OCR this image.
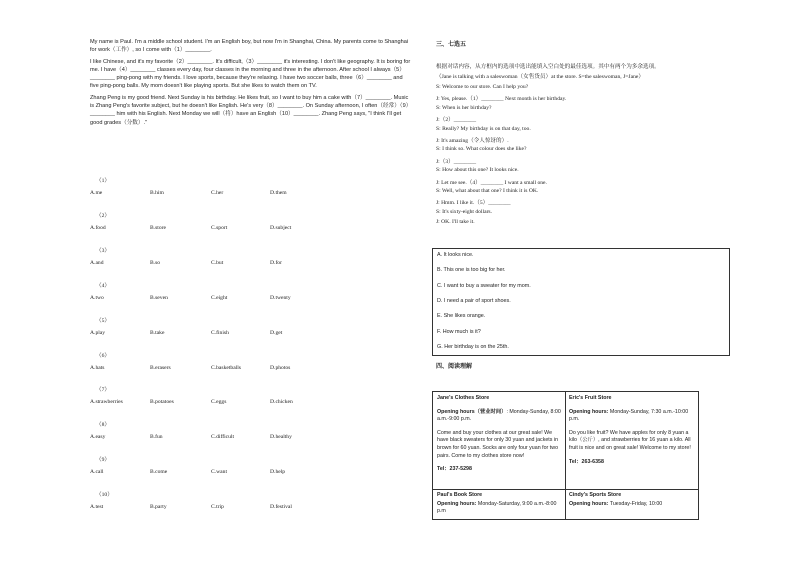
My name is Paul. I'm a middle school student. I'm an English boy, but now I'm in Shanghai, China. My parents come to Shanghai for work（工作）, so I come with（1）________.

I like Chinese, and it's my favorite（2）________. It's difficult,（3）________ it's interesting. I don't like geography. It is boring for me. I have（4）________ classes every day, four classes in the morning and three in the afternoon. After school I always（5）________ ping-pong with my friends. I love sports, because they're relaxing. I have two soccer balls, three（6）________ and five ping-pong balls. My mom doesn't like playing sports. But she likes to watch them on TV.

Zhang Peng is my good friend. Next Sunday is his birthday. He likes fruit, so I want to buy him a cake with（7）________. Music is Zhang Peng's favorite subject, but he doesn't like English. He's very（8）________. On Sunday afternoon, I often（经常）（9）________ him with his English. Next Monday we will（将）have an English（10）________. Zhang Peng says, "I think I'll get good grades（分数）."

（1）
A.me	B.him	C.her	D.them
（2）
A.food	B.store	C.sport	D.subject
（3）
A.and	B.so	C.but	D.for
（4）
A.two	B.seven	C.eight	D.twenty
（5）
A.play	B.take	C.finish	D.get
（6）
A.hats	B.erasers	C.basketballs	D.photos
（7）
A.strawberries	B.potatoes	C.eggs	D.chicken
（8）
A.easy	B.fun	C.difficult	D.healthy
（9）
A.call	B.come	C.want	D.help
（10）
A.test	B.party	C.trip	D.festival
三、七选五
根据对话内容，从方框内的选项中选出能填入空白处的最佳选项。其中有两个为多余选项。
（Jane is talking with a saleswoman（女售货员）at the store. S=the saleswoman, J=Jane）
S: Welcome to our store. Can I help you?
J: Yes, please.（1）________ Next month is her birthday.
S: When is her birthday?
J:（2）________
S: Really? My birthday is on that day, too.
J: It's amazing（令人惊讶的）.
S: I think so. What colour does she like?
J:（3）________
S: How about this one? It looks nice.
J: Let me see.（4）________ I want a small one.
S: Well, what about that one? I think it is OK.
J: Hmm. I like it.（5）________
S: It's sixty-eight dollars.
J: OK. I'll take it.
A. It looks nice.
B. This one is too big for her.
C. I want to buy a sweater for my mom.
D. I need a pair of sport shoes.
E. She likes orange.
F. How much is it?
G. Her birthday is on the 25th.
四、阅读理解
Jane's Clothes Store
Opening hours（营业时间）: Monday-Sunday, 8:00 a.m.-9:00 p.m.
Come and buy your clothes at our great sale! We have black sweaters for only 30 yuan and jackets in brown for 60 yuan. Socks are only four yuan for two pairs. Come to my clothes store now!
Tel：237-5298
Eric's Fruit Store
Opening hours: Monday-Sunday, 7:30 a.m.-10:00 p.m.
Do you like fruit? We have apples for only 8 yuan a kilo（公斤）, and strawberries for 16 yuan a kilo. All fruit is nice and on great sale! Welcome to my store!
Tel：263-6358
Paul's Book Store
Opening hours: Monday-Saturday, 9:00 a.m.-8:00 p.m
Cindy's Sports Store
Opening hours: Tuesday-Friday, 10:00
